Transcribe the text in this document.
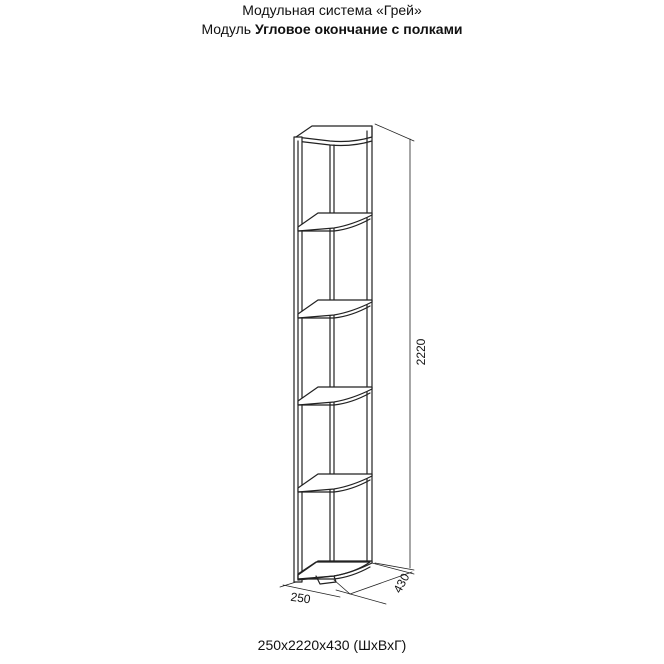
Модульная система «Грей»
Модуль Угловое окончание с полками
2220
250
430
250х2220х430 (ШхВхГ)
